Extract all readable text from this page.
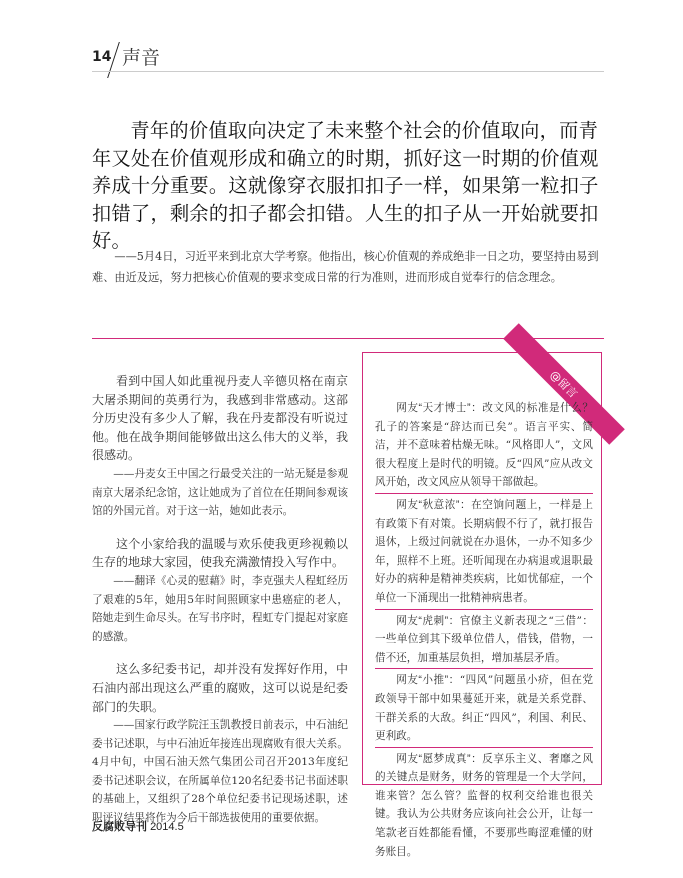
14 声音

青年的价值取向决定了未来整个社会的价值取向，而青年又处在价值观形成和确立的时期，抓好这一时期的价值观养成十分重要。这就像穿衣服扣扣子一样，如果第一粒扣子扣错了，剩余的扣子都会扣错。人生的扣子从一开始就要扣好。

——5月4日，习近平来到北京大学考察。他指出，核心价值观的养成绝非一日之功，要坚持由易到难、由近及远，努力把核心价值观的要求变成日常的行为准则，进而形成自觉奉行的信念理念。

看到中国人如此重视丹麦人辛德贝格在南京大屠杀期间的英勇行为，我感到非常感动。这部分历史没有多少人了解，我在丹麦都没有听说过他。他在战争期间能够做出这么伟大的义举，我很感动。

——丹麦女王中国之行最受关注的一站无疑是参观南京大屠杀纪念馆，这让她成为了首位在任期间参观该馆的外国元首。对于这一站，她如此表示。

这个小家给我的温暖与欢乐使我更珍视赖以生存的地球大家园，使我充满激情投入写作中。

——翻译《心灵的慰藉》时，李克强夫人程虹经历了艰难的5年，她用5年时间照顾家中患癌症的老人，陪她走到生命尽头。在写书序时，程虹专门提起对家庭的感激。

这么多纪委书记，却并没有发挥好作用，中石油内部出现这么严重的腐败，这可以说是纪委部门的失职。

——国家行政学院汪玉凯教授日前表示，中石油纪委书记述职，与中石油近年接连出现腐败有很大关系。4月中旬，中国石油天然气集团公司召开2013年度纪委书记述职会议，在所属单位120名纪委书记书面述职的基础上，又组织了28个单位纪委书记现场述职，述职评议结果将作为今后干部选拔使用的重要依据。

@留言

网友“天才博士”：改文风的标准是什么？孔子的答案是“辞达而已矣”。语言平实、简洁，并不意味着枯燥无味。“风格即人”，文风很大程度上是时代的明镜。反“四风”应从改文风开始，改文风应从领导干部做起。

网友“秋意浓”：在空饷问题上，一样是上有政策下有对策。长期病假不行了，就打报告退休，上级过问就说在办退休，一办不知多少年，照样不上班。还听闻现在办病退或退职最好办的病种是精神类疾病，比如忧郁症，一个单位一下涌现出一批精神病患者。

网友“虎刺”：官僚主义新表现之“三借”：一些单位到其下级单位借人，借钱，借物，一借不还，加重基层负担，增加基层矛盾。

网友“小推”：“四风”问题虽小疥，但在党政领导干部中如果蔓延开来，就是关系党群、干群关系的大敌。纠正“四风”，利国、利民、更利政。

网友“愿梦成真”：反享乐主义、奢靡之风的关键点是财务，财务的管理是一个大学问，谁来管？怎么管？监督的权利交给谁也很关键。我认为公共财务应该向社会公开，让每一笔款老百姓都能看懂，不要那些晦涩难懂的财务账目。

反腐败导刊 2014.5
